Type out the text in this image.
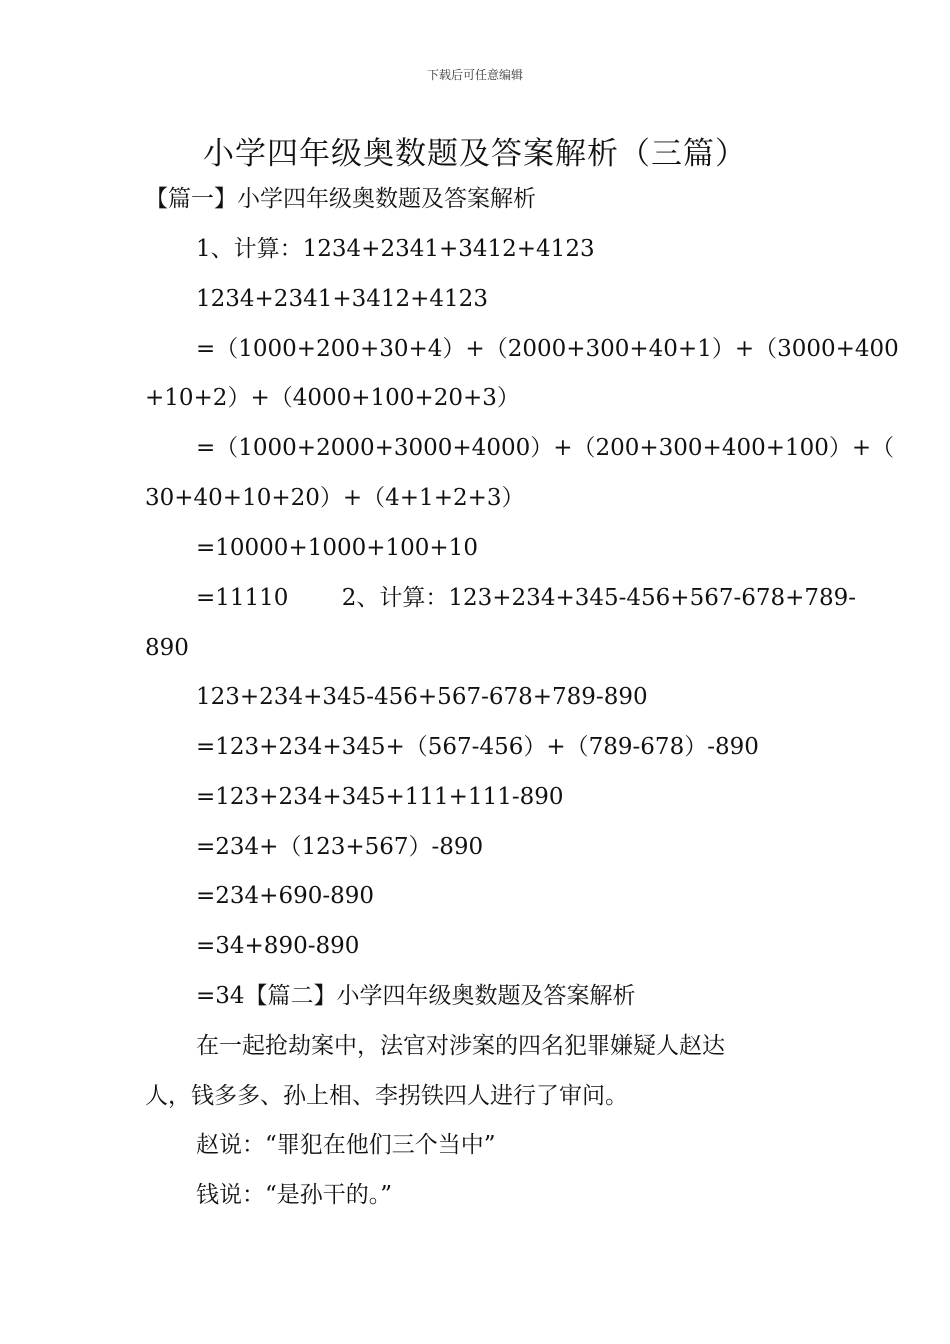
下载后可任意编辑
小学四年级奥数题及答案解析（三篇）
【篇一】小学四年级奥数题及答案解析
1、计算：1234+2341+3412+4123
1234+2341+3412+4123
=（1000+200+30+4）+（2000+300+40+1）+（3000+400
+10+2）+（4000+100+20+3）
=（1000+2000+3000+4000）+（200+300+400+100）+（
30+40+10+20）+（4+1+2+3）
=10000+1000+100+10
=11110　　 2、计算：123+234+345-456+567-678+789-
890
123+234+345-456+567-678+789-890
=123+234+345+（567-456）+（789-678）-890
=123+234+345+111+111-890
=234+（123+567）-890
=234+690-890
=34+890-890
=34【篇二】小学四年级奥数题及答案解析
在一起抢劫案中，法官对涉案的四名犯罪嫌疑人赵达
人，钱多多、孙上相、李拐铁四人进行了审问。
赵说：“罪犯在他们三个当中”
钱说：“是孙干的。”
